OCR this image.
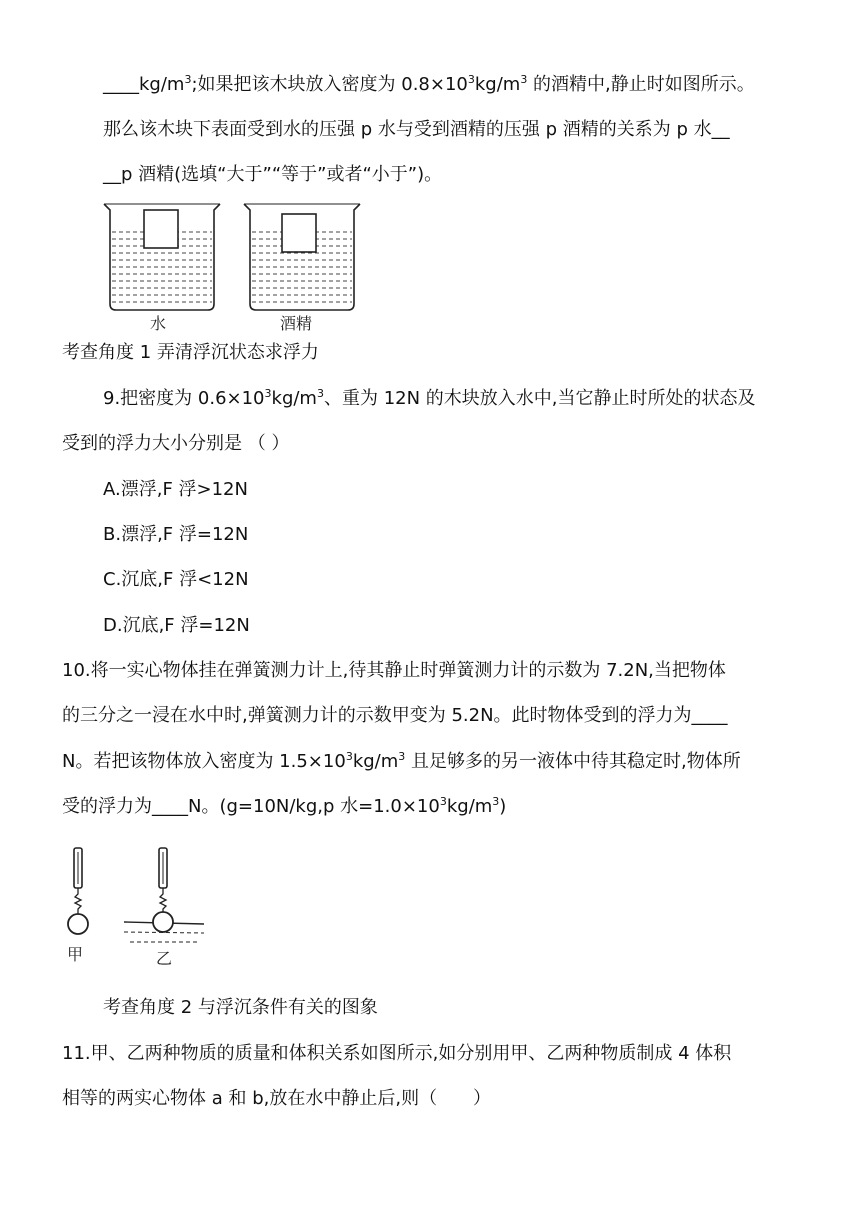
$\_\_\_\_kg/m^3$;如果把该木块放入密度为 $0.8\times 10^3kg/m^3$ 的酒精中,静止时如图所示。
那么该木块下表面受到水的压强 p 水与受到酒精的压强 p 酒精的关系为 p 水__
__p 酒精(选填“大于”“等于”或者“小于”)。
水	酒精
考查角度 1 弄清浮沉状态求浮力
9.把密度为 $0.6\times 10^3kg/m^3$、重为 12N 的木块放入水中,当它静止时所处的状态及
受到的浮力大小分别是 （ ）
A.漂浮,F 浮>12N
B.漂浮,F 浮=12N
C.沉底,F 浮<12N
D.沉底,F 浮=12N
10.将一实心物体挂在弹簧测力计上,待其静止时弹簧测力计的示数为 7.2N,当把物体
的三分之一浸在水中时,弹簧测力计的示数甲变为 5.2N。此时物体受到的浮力为____
N。若把该物体放入密度为 $1.5\times 10^3kg/m^3$ 且足够多的另一液体中待其稳定时,物体所
受的浮力为____N。(g=10N/kg,p 水$=1.0\times 10^3kg/m^3$)
甲	乙
考查角度 2 与浮沉条件有关的图象
11.甲、乙两种物质的质量和体积关系如图所示,如分别用甲、乙两种物质制成 4 体积
相等的两实心物体 a 和 b,放在水中静止后,则（　　）
